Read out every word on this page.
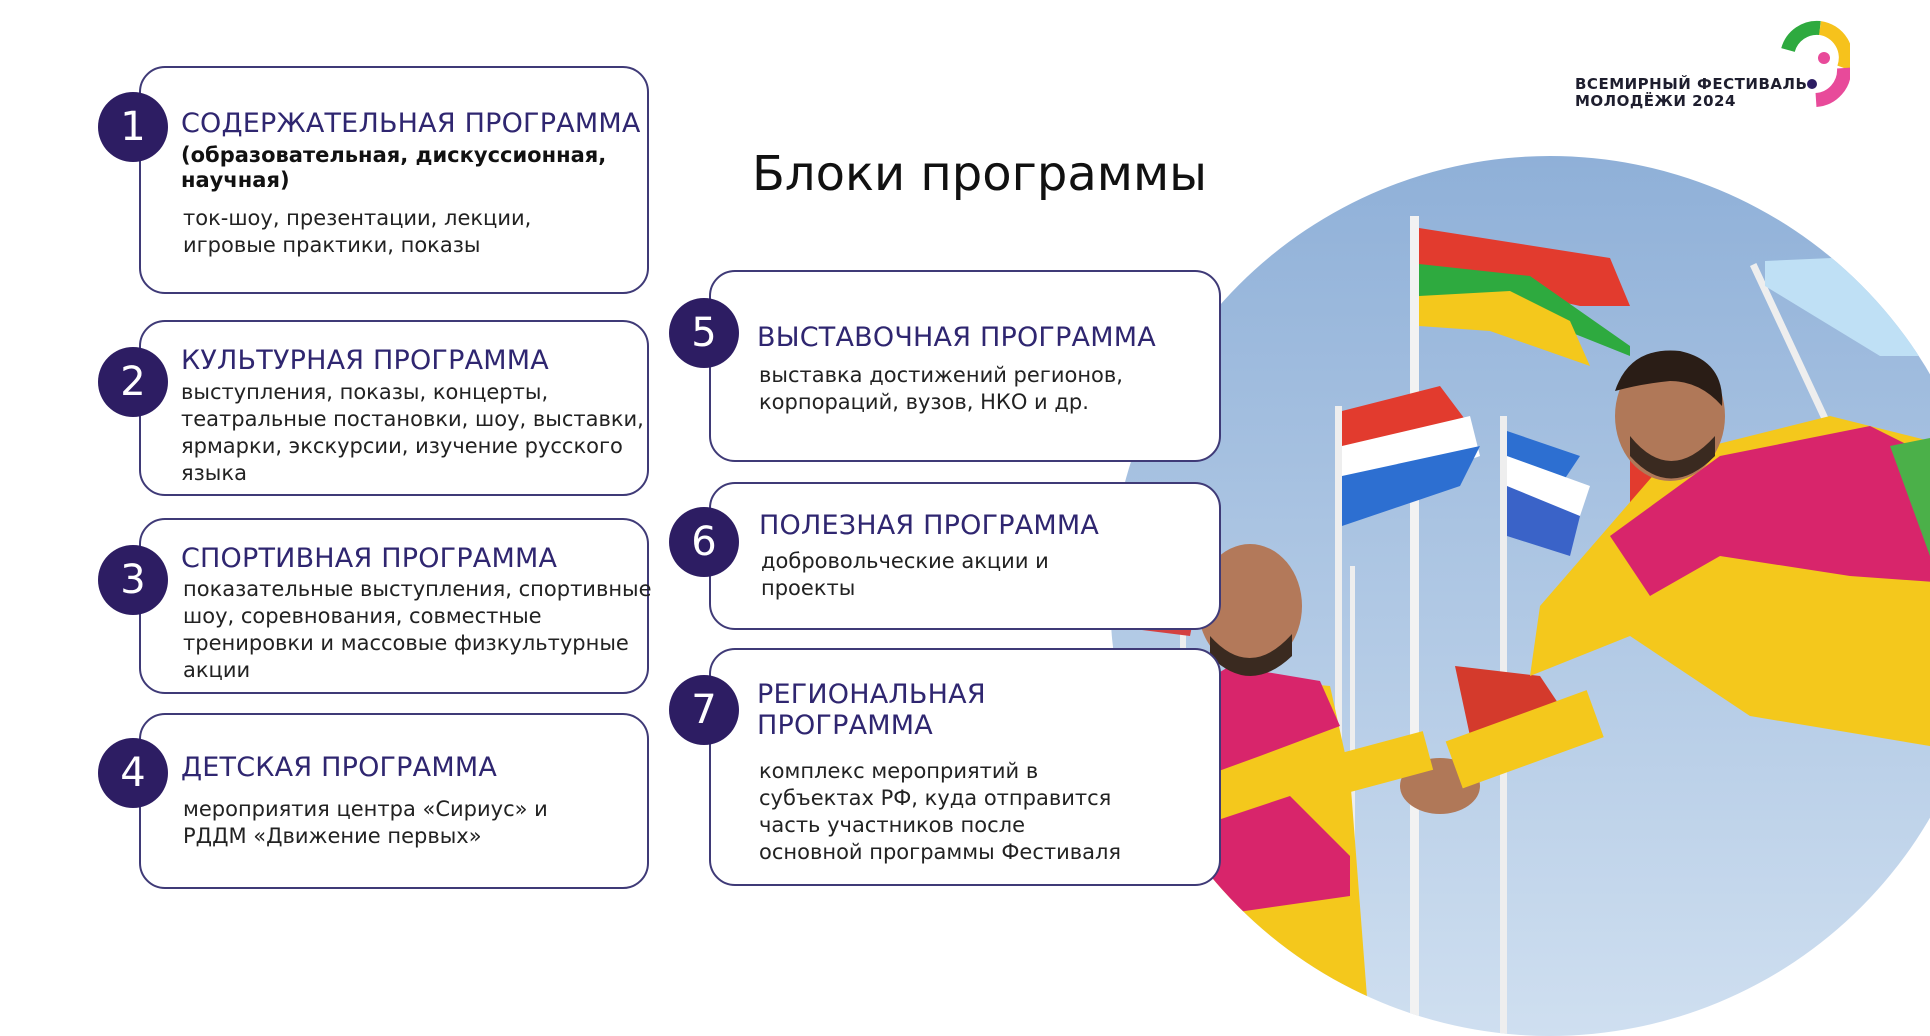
ВСЕМИРНЫЙ ФЕСТИВАЛЬ
МОЛОДЁЖИ 2024
Блоки программы
1	СОДЕРЖАТЕЛЬНАЯ ПРОГРАММА
(образовательная, дискуссионная,
научная)
ток-шоу, презентации, лекции,
игровые практики, показы
2	КУЛЬТУРНАЯ ПРОГРАММА
выступления, показы, концерты,
театральные постановки, шоу, выставки,
ярмарки, экскурсии, изучение русского
языка
3	СПОРТИВНАЯ ПРОГРАММА
показательные выступления, спортивные
шоу, соревнования, совместные
тренировки и массовые физкультурные
акции
4	ДЕТСКАЯ ПРОГРАММА
мероприятия центра «Сириус» и
РДДМ «Движение первых»
5	ВЫСТАВОЧНАЯ ПРОГРАММА
выставка достижений регионов,
корпораций, вузов, НКО и др.
6	ПОЛЕЗНАЯ ПРОГРАММА
добровольческие акции и
проекты
7	РЕГИОНАЛЬНАЯ
ПРОГРАММА
комплекс мероприятий в
субъектах РФ, куда отправится
часть участников после
основной программы Фестиваля
